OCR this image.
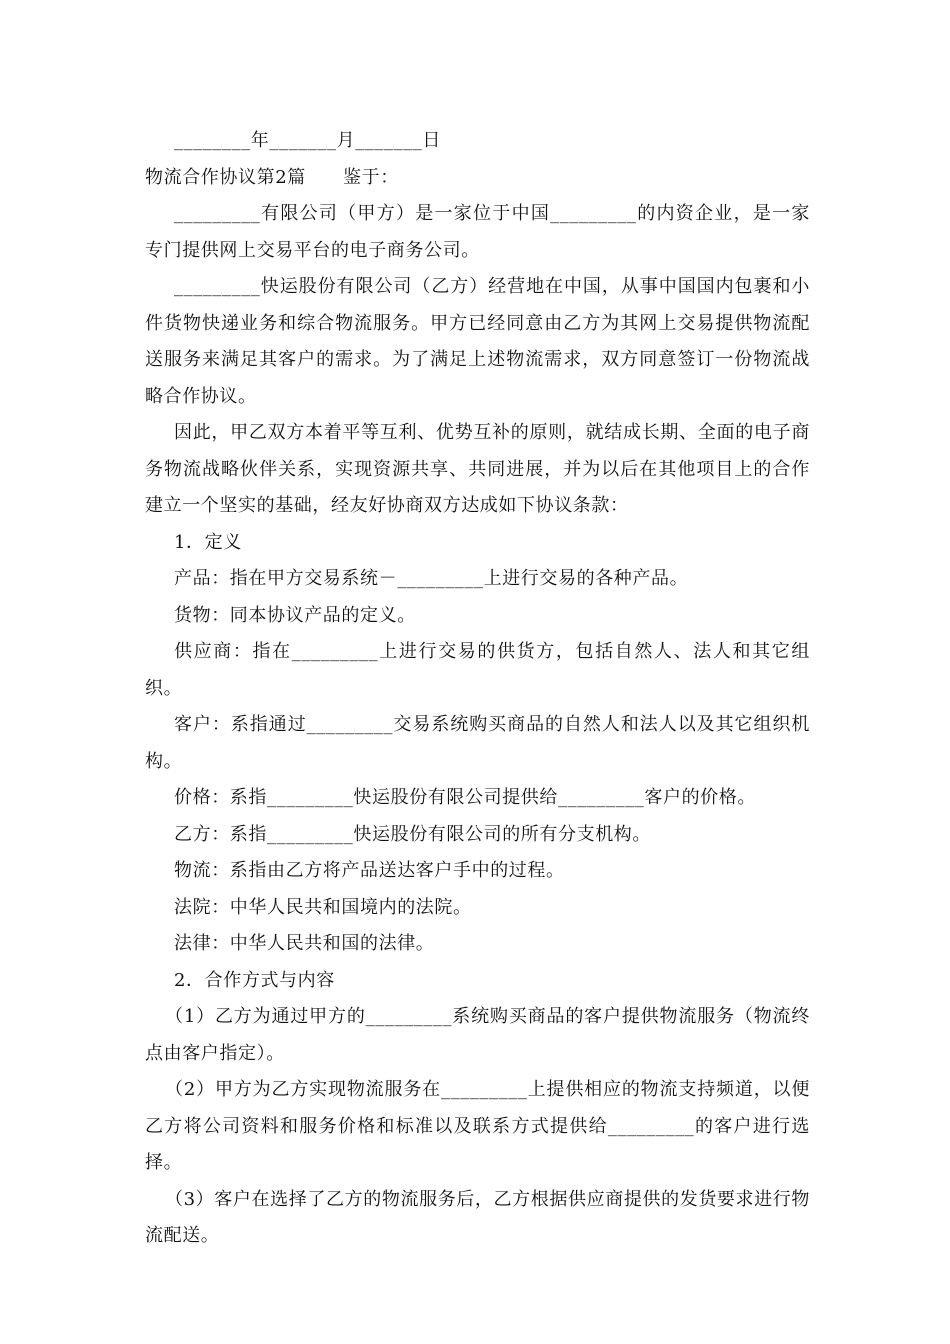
________年_______月_______日

物流合作协议第2篇　　鉴于：

_________有限公司（甲方）是一家位于中国_________的内资企业，是一家专门提供网上交易平台的电子商务公司。

_________快运股份有限公司（乙方）经营地在中国，从事中国国内包裹和小件货物快递业务和综合物流服务。甲方已经同意由乙方为其网上交易提供物流配送服务来满足其客户的需求。为了满足上述物流需求，双方同意签订一份物流战略合作协议。

因此，甲乙双方本着平等互利、优势互补的原则，就结成长期、全面的电子商务物流战略伙伴关系，实现资源共享、共同进展，并为以后在其他项目上的合作建立一个坚实的基础，经友好协商双方达成如下协议条款：

1．定义

产品：指在甲方交易系统－_________上进行交易的各种产品。

货物：同本协议产品的定义。

供应商：指在_________上进行交易的供货方，包括自然人、法人和其它组织。

客户：系指通过_________交易系统购买商品的自然人和法人以及其它组织机构。

价格：系指_________快运股份有限公司提供给_________客户的价格。

乙方：系指_________快运股份有限公司的所有分支机构。

物流：系指由乙方将产品送达客户手中的过程。

法院：中华人民共和国境内的法院。

法律：中华人民共和国的法律。

2．合作方式与内容

（1）乙方为通过甲方的_________系统购买商品的客户提供物流服务（物流终点由客户指定）。

（2）甲方为乙方实现物流服务在_________上提供相应的物流支持频道，以便乙方将公司资料和服务价格和标准以及联系方式提供给_________的客户进行选择。

（3）客户在选择了乙方的物流服务后，乙方根据供应商提供的发货要求进行物流配送。
